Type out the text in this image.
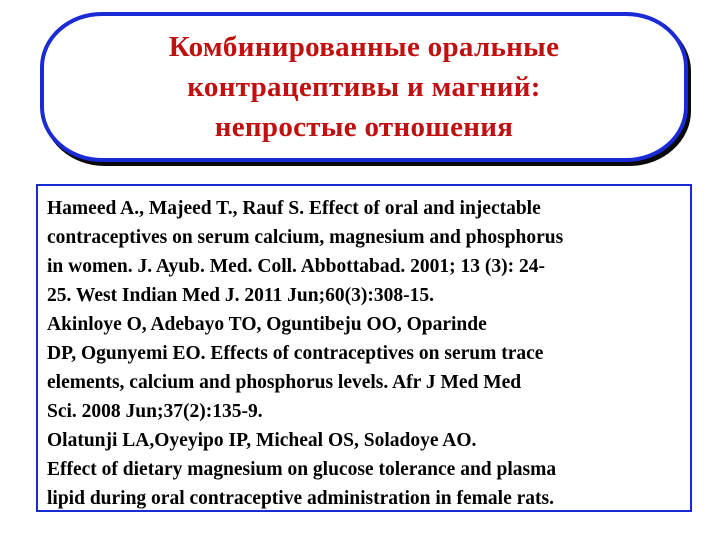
Комбинированные оральные
контрацептивы и магний:
непростые отношения
Hameed A., Majeed T., Rauf S. Effect of oral and injectable
contraceptives on serum calcium, magnesium and phosphorus
in women. J. Ayub. Med. Coll. Abbottabad. 2001; 13 (3): 24-
25. West Indian Med J. 2011 Jun;60(3):308-15.
Akinloye O, Adebayo TO, Oguntibeju OO, Oparinde
DP, Ogunyemi EO. Effects of contraceptives on serum trace
elements, calcium and phosphorus levels. Afr J Med Med
Sci. 2008 Jun;37(2):135-9.
Olatunji LA,Oyeyipo IP, Micheal OS, Soladoye AO.
Effect of dietary magnesium on glucose tolerance and plasma
lipid during oral contraceptive administration in female rats.
